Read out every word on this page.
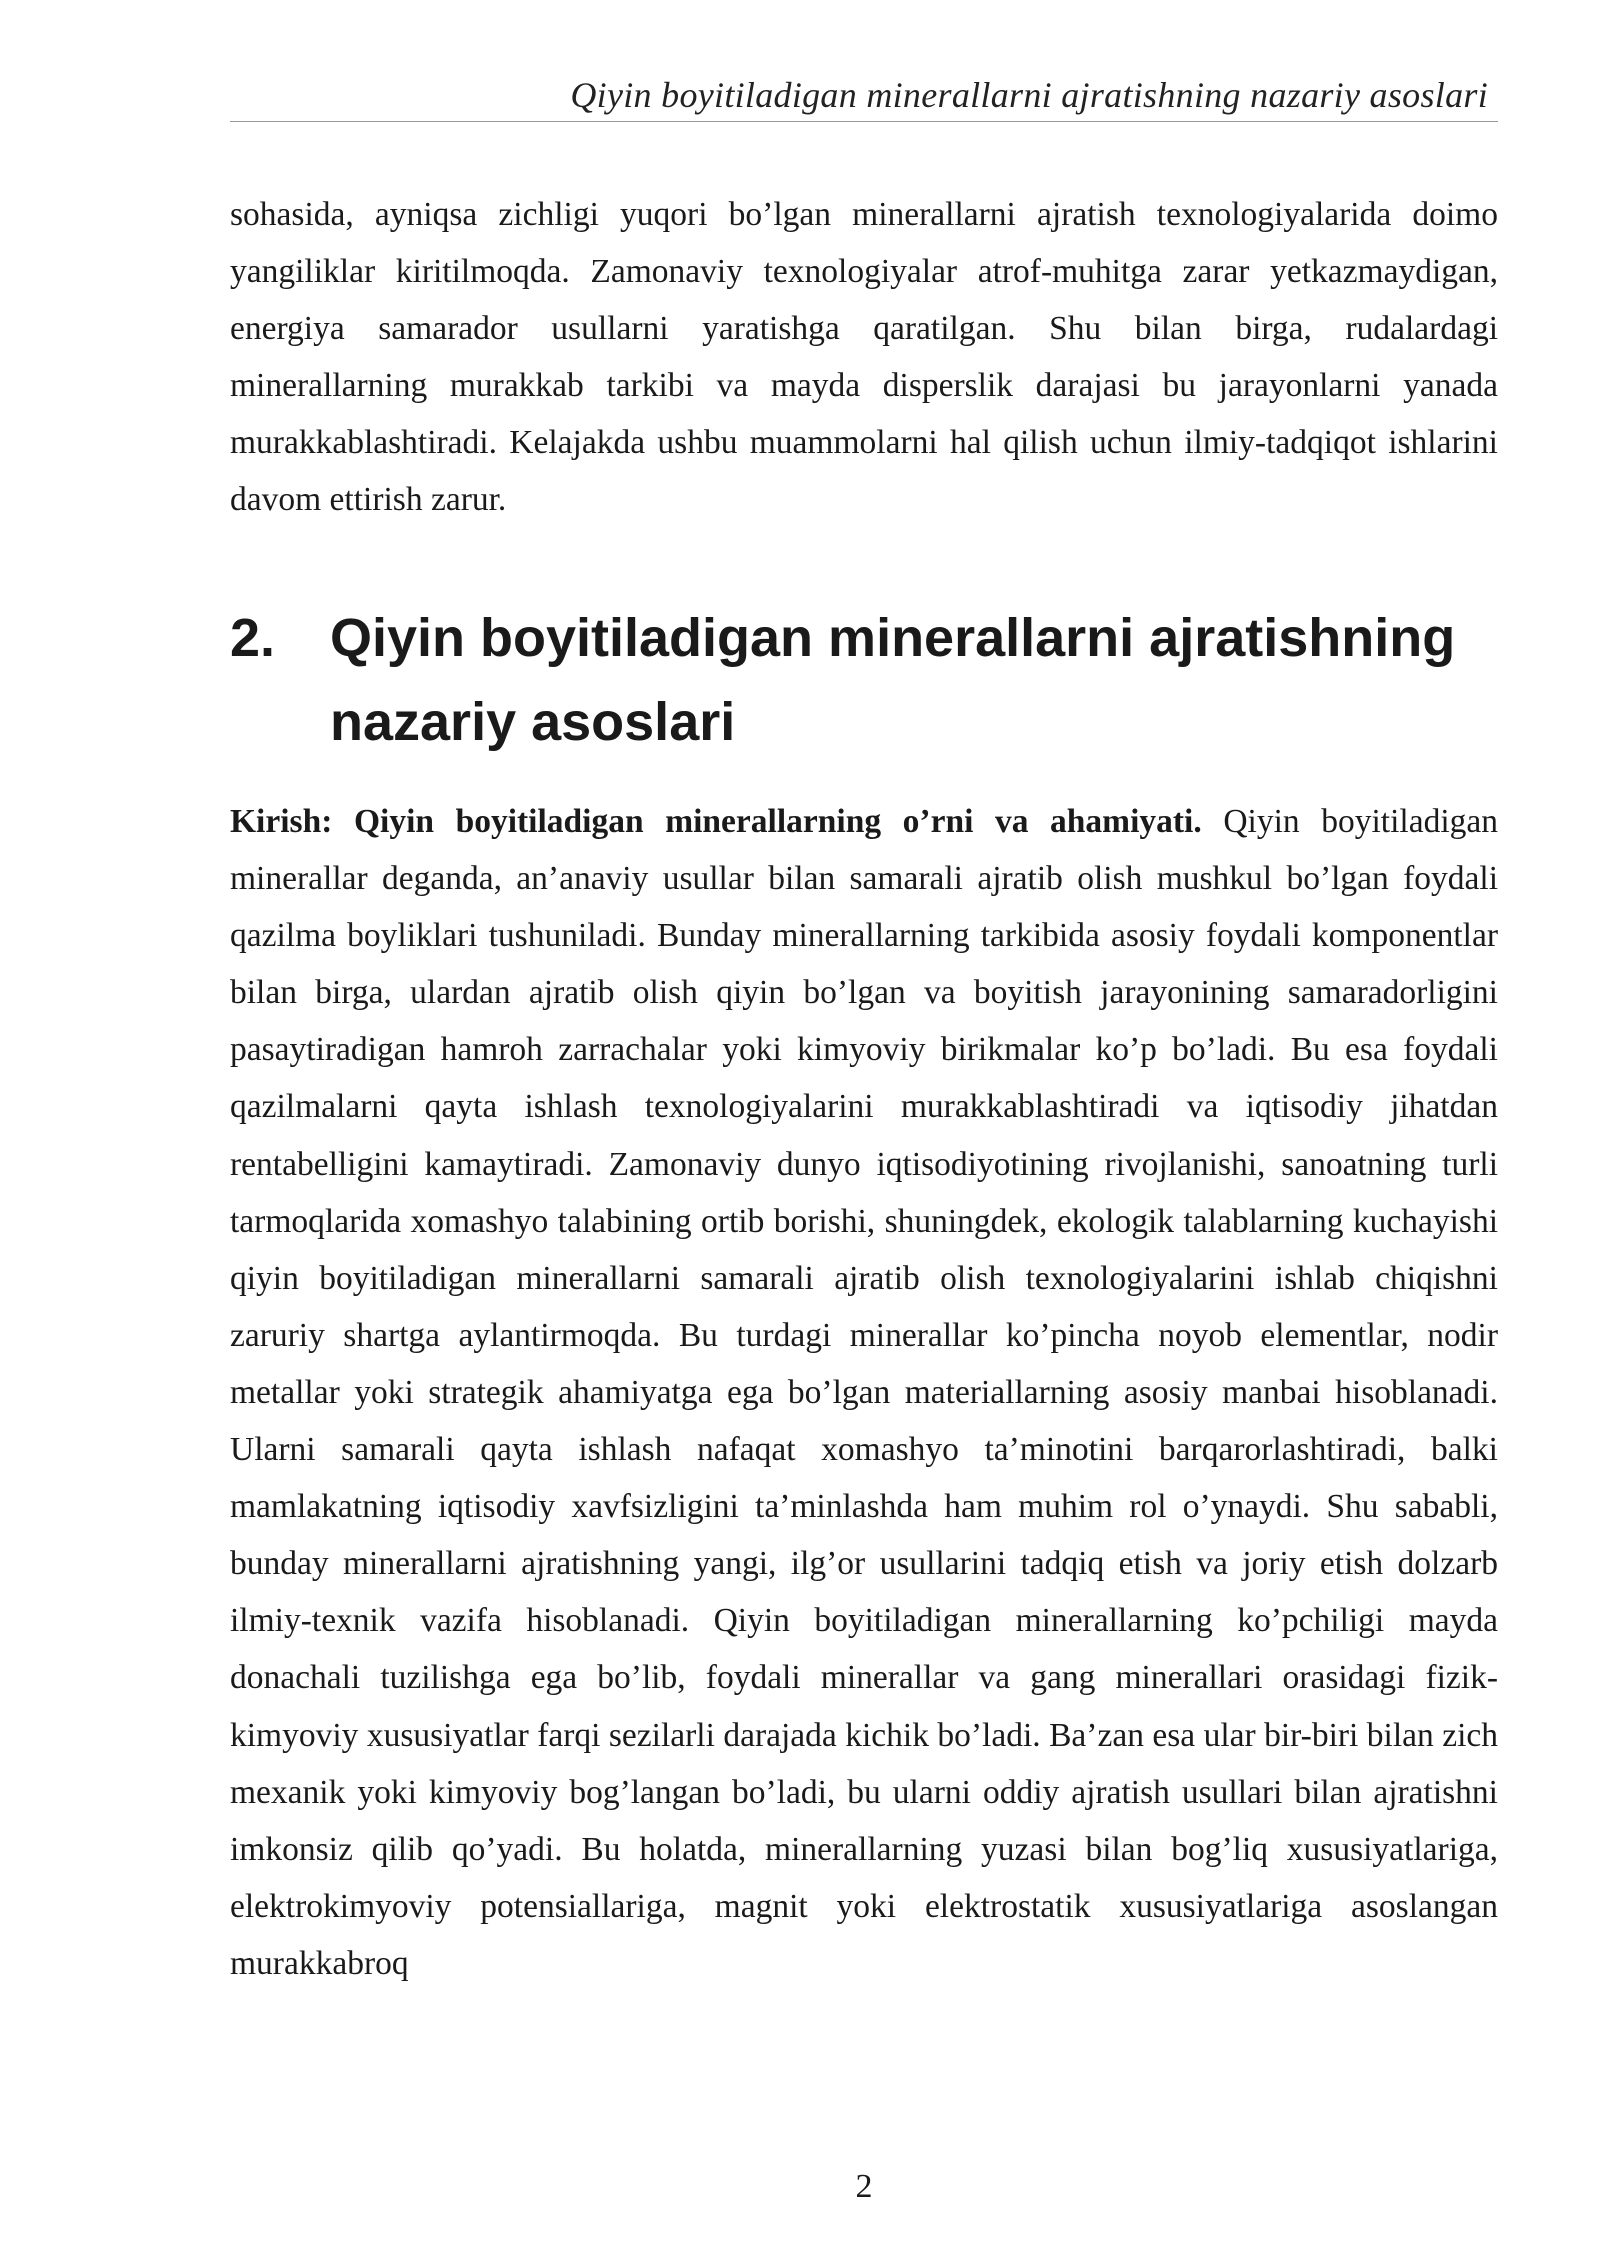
Qiyin boyitiladigan minerallarni ajratishning nazariy asoslari

sohasida, ayniqsa zichligi yuqori bo’lgan minerallarni ajratish texnologiyalarida doimo yangiliklar kiritilmoqda. Zamonaviy texnologiyalar atrof-muhitga zarar yetkazmaydigan, energiya samarador usullarni yaratishga qaratilgan. Shu bilan birga, rudalardagi minerallarning murakkab tarkibi va mayda disperslik darajasi bu jarayonlarni yanada murakkablashtiradi. Kelajakda ushbu muammolarni hal qilish uchun ilmiy-tadqiqot ishlarini davom ettirish zarur.

2. Qiyin boyitiladigan minerallarni ajratishning nazariy asoslari

Kirish: Qiyin boyitiladigan minerallarning o’rni va ahamiyati. Qiyin boyitiladigan minerallar deganda, an’anaviy usullar bilan samarali ajratib olish mushkul bo’lgan foydali qazilma boyliklari tushuniladi. Bunday minerallarning tarkibida asosiy foydali komponentlar bilan birga, ulardan ajratib olish qiyin bo’lgan va boyitish jarayonining samaradorligini pasaytiradigan hamroh zarrachalar yoki kimyoviy birikmalar ko’p bo’ladi. Bu esa foydali qazilmalarni qayta ishlash texnologiyalarini murakkablashtiradi va iqtisodiy jihatdan rentabelligini kamaytiradi. Zamonaviy dunyo iqtisodiyotining rivojlanishi, sanoatning turli tarmoqlarida xomashyo talabining ortib borishi, shuningdek, ekologik talablarning kuchayishi qiyin boyitiladigan minerallarni samarali ajratib olish texnologiyalarini ishlab chiqishni zaruriy shartga aylantirmoqda. Bu turdagi minerallar ko’pincha noyob elementlar, nodir metallar yoki strategik ahamiyatga ega bo’lgan materiallarning asosiy manbai hisoblanadi. Ularni samarali qayta ishlash nafaqat xomashyo ta’minotini barqarorlashtiradi, balki mamlakatning iqtisodiy xavfsizligini ta’minlashda ham muhim rol o’ynaydi. Shu sababli, bunday minerallarni ajratishning yangi, ilg’or usullarini tadqiq etish va joriy etish dolzarb ilmiy-texnik vazifa hisoblanadi. Qiyin boyitiladigan minerallarning ko’pchiligi mayda donachali tuzilishga ega bo’lib, foydali minerallar va gang minerallari orasidagi fizik-kimyoviy xususiyatlar farqi sezilarli darajada kichik bo’ladi. Ba’zan esa ular bir-biri bilan zich mexanik yoki kimyoviy bog’langan bo’ladi, bu ularni oddiy ajratish usullari bilan ajratishni imkonsiz qilib qo’yadi. Bu holatda, minerallarning yuzasi bilan bog’liq xususiyatlariga, elektrokimyoviy potensiallariga, magnit yoki elektrostatik xususiyatlariga asoslangan murakkabroq

2
